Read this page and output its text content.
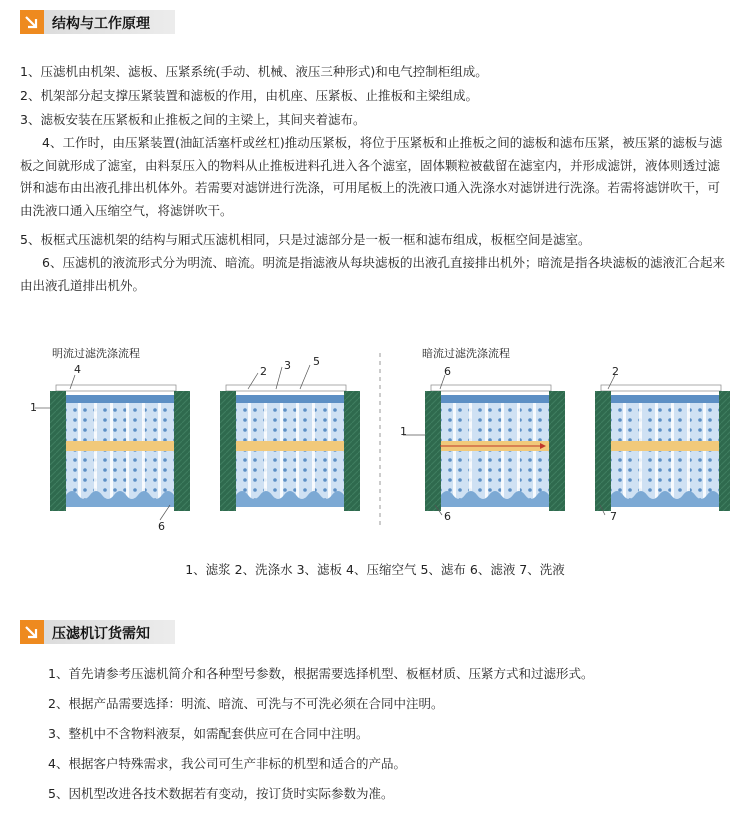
结构与工作原理
1、压滤机由机架、滤板、压紧系统(手动、机械、液压三种形式)和电气控制柜组成。
2、机架部分起支撑压紧装置和滤板的作用，由机座、压紧板、止推板和主梁组成。
3、滤板安装在压紧板和止推板之间的主梁上，其间夹着滤布。
4、工作时，由压紧装置(油缸活塞杆或丝杠)推动压紧板，将位于压紧板和止推板之间的滤板和滤布压紧，被压紧的滤板与滤板之间就形成了滤室，由料泵压入的物料从止推板进料孔进入各个滤室，固体颗粒被截留在滤室内，并形成滤饼，液体则透过滤饼和滤布由出液孔排出机体外。若需要对滤饼进行洗涤，可用尾板上的洗液口通入洗涤水对滤饼进行洗涤。若需将滤饼吹干，可由洗液口通入压缩空气，将滤饼吹干。
5、板框式压滤机架的结构与厢式压滤机相同，只是过滤部分是一板一框和滤布组成，板框空间是滤室。
6、压滤机的液流形式分为明流、暗流。明流是指滤液从每块滤板的出液孔直接排出机外；暗流是指各块滤板的滤液汇合起来由出液孔道排出机外。
明流过滤洗涤流程	暗流过滤洗涤流程
4
1
6
2 3 5
6
1
6
2
7
1、滤浆 2、洗涤水 3、滤板 4、压缩空气 5、滤布 6、滤液 7、洗液
压滤机订货需知
1、首先请参考压滤机简介和各种型号参数，根据需要选择机型、板框材质、压紧方式和过滤形式。
2、根据产品需要选择：明流、暗流、可洗与不可洗必须在合同中注明。
3、整机中不含物料液泵，如需配套供应可在合同中注明。
4、根据客户特殊需求，我公司可生产非标的机型和适合的产品。
5、因机型改进各技术数据若有变动，按订货时实际参数为准。
